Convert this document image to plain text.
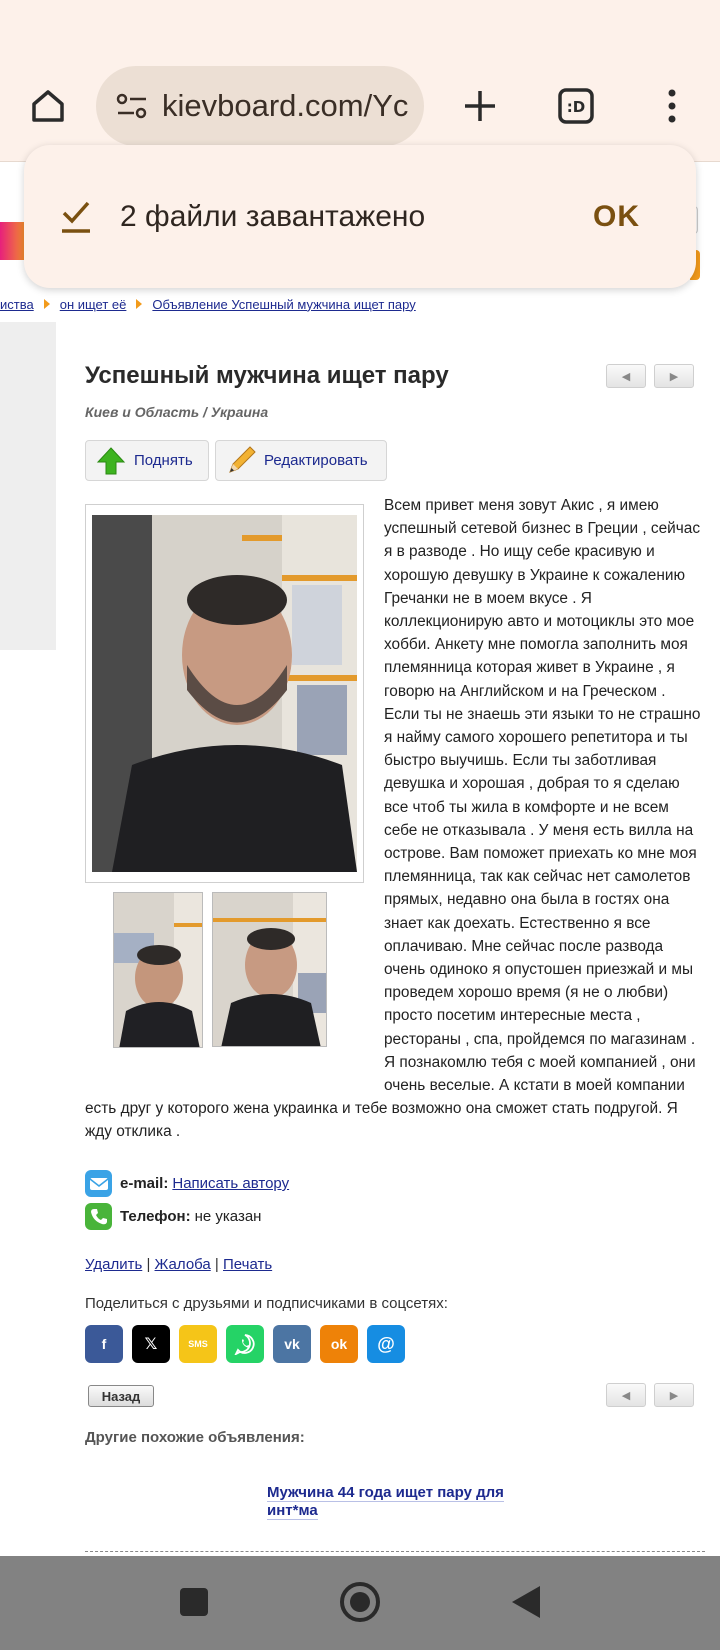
kievboard.com/Yc	:D
2 файли завантажено	OK
иства он ищет её Объявление Успешный мужчина ищет пару
Успешный мужчина ищет пару	◀	▶
Киев и Область / Украина
Поднять	Редактировать
Всем привет меня зовут Акис , я имею успешный сетевой бизнес в Греции , сейчас я в разводе . Но ищу себе красивую и хорошую девушку в Украине к сожалению Гречанки не в моем вкусе . Я коллекционирую авто и мотоциклы это мое хобби. Анкету мне помогла заполнить моя племянница которая живет в Украине , я говорю на Английском и на Греческом . Если ты не знаешь эти языки то не страшно я найму самого хорошего репетитора и ты быстро выучишь. Если ты заботливая девушка и хорошая , добрая то я сделаю все чтоб ты жила в комфорте и не всем себе не отказывала . У меня есть вилла на острове. Вам поможет приехать ко мне моя племянница, так как сейчас нет самолетов прямых, недавно она была в гостях она знает как доехать. Естественно я все оплачиваю. Мне сейчас после развода очень одиноко я опустошен приезжай и мы проведем хорошо время (я не о любви) просто посетим интересные места , рестораны , спа, пройдемся по магазинам . Я познакомлю тебя с моей компанией , они очень веселые. А кстати в моей компании есть друг у которого жена украинка и тебе возможно она сможет стать подругой. Я жду отклика .
e-mail: Написать автору
Телефон: не указан
Удалить | Жалоба | Печать
Поделиться с друзьями и подписчиками в соцсетях:
f	𝕏	SMS	vk	ok	@
Назад	◀	▶
Другие похожие объявления:
Мужчина 44 года ищет пару для инт*ма
